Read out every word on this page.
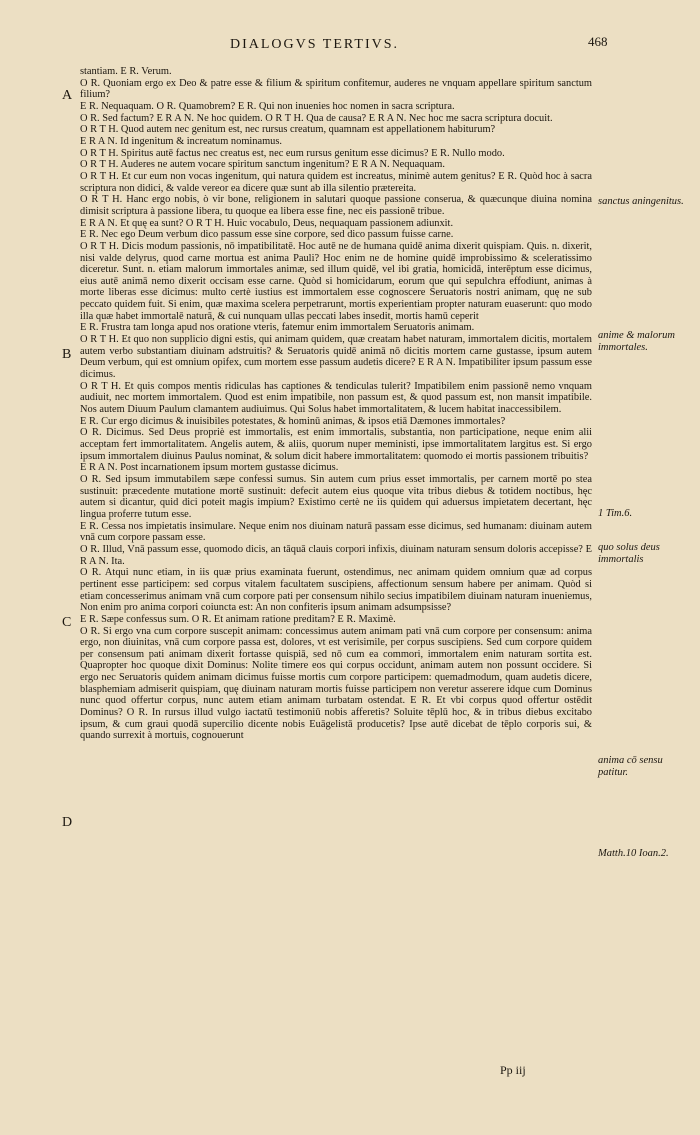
DIALOGVS TERTIVS.	468
A
B
C
D
sanctus aningenitus.
anime & malorum immortales.
1 Tim.6.
quo solus deus immortalis
anima cō sensu patitur.
Matth.10 Ioan.2.

stantiam. E R. Verum.

O R. Quoniam ergo ex Deo & patre esse & filium & spiritum confitemur, auderes ne vnquam appellare spiritum sanctum filium?

E R. Nequaquam. O R. Quamobrem? E R. Qui non inuenies hoc nomen in sacra scriptura.

O R. Sed factum? E R A N. Ne hoc quidem. O R T H. Qua de causa? E R A N. Nec hoc me sacra scriptura docuit.

O R T H. Quod autem nec genitum est, nec rursus creatum, quamnam est appellationem habiturum?

E R A N. Id ingenitum & increatum nominamus.

O R T H. Spiritus autē factus nec creatus est, nec eum rursus genitum esse dicimus? E R. Nullo modo.

O R T H. Auderes ne autem vocare spiritum sanctum ingenitum? E R A N. Nequaquam.

O R T H. Et cur eum non vocas ingenitum, qui natura quidem est increatus, minimè autem genitus? E R. Quòd hoc à sacra scriptura non didici, & valde vereor ea dicere quæ sunt ab illa silentio prætereita.

O R T H. Hanc ergo nobis, ò vir bone, religionem in salutari quoque passione conserua, & quæcunque diuina nomina dimisit scriptura à passione libera, tu quoque ea libera esse fine, nec eis passionē tribue.

E R A N. Et quę ea sunt? O R T H. Huic vocabulo, Deus, nequaquam passionem adiunxit.

E R. Nec ego Deum verbum dico passum esse sine corpore, sed dico passum fuisse carne.

O R T H. Dicis modum passionis, nō impatibilitatē. Hoc autē ne de humana quidē anima dixerit quispiam. Quis. n. dixerit, nisi valde delyrus, quod carne mortua est anima Pauli? Hoc enim ne de homine quidē improbissimo & sceleratissimo diceretur. Sunt. n. etiam malorum immortales animæ, sed illum quidē, vel ibi gratia, homicidā, interēptum esse dicimus, eius autē animā nemo dixerit occisam esse carne. Quòd si homicidarum, eorum que qui sepulchra effodiunt, animas à morte liberas esse dicimus: multo certè iustius est immortalem esse cognoscere Seruatoris nostri animam, quę ne sub peccato quidem fuit. Si enim, quæ maxima scelera perpetrarunt, mortis experientiam propter naturam euaserunt: quo modo illa quæ habet immortalē naturā, & cui nunquam ullas peccati labes insedit, mortis hamū ceperit

E R. Frustra tam longa apud nos oratione vteris, fatemur enim immortalem Seruatoris animam.

O R T H. Et quo non supplicio digni estis, qui animam quidem, quæ creatam habet naturam, immortalem dicitis, mortalem autem verbo substantiam diuinam adstruitis? & Seruatoris quidē animā nō dicitis mortem carne gustasse, ipsum autem Deum verbum, qui est omnium opifex, cum mortem esse passum audetis dicere? E R A N. Impatibiliter ipsum passum esse dicimus.

O R T H. Et quis compos mentis ridiculas has captiones & tendiculas tulerit? Impatibilem enim passionē nemo vnquam audiuit, nec mortem immortalem. Quod est enim impatibile, non passum est, & quod passum est, non mansit impatibile. Nos autem Diuum Paulum clamantem audiuimus. Qui Solus habet immortalitatem, & lucem habitat inaccessibilem.

E R. Cur ergo dicimus & inuisibiles potestates, & hominū animas, & ipsos etiā Dæmones immortales?

O R. Dicimus. Sed Deus propriè est immortalis, est enim immortalis, substantia, non participatione, neque enim alii acceptam fert immortalitatem. Angelis autem, & aliis, quorum nuper meministi, ipse immortalitatem largitus est. Si ergo ipsum immortalem diuinus Paulus nominat, & solum dicit habere immortalitatem: quomodo ei mortis passionem tribuitis?

E R A N. Post incarnationem ipsum mortem gustasse dicimus.

O R. Sed ipsum immutabilem sæpe confessi sumus. Sin autem cum prius esset immortalis, per carnem mortē po stea sustinuit: præcedente mutatione mortē sustinuit: defecit autem eius quoque vita tribus diebus & totidem noctibus, hęc autem si dicantur, quid dici poteit magis impium? Existimo certè ne iis quidem qui aduersus impietatem decertant, hęc lingua proferre tutum esse.

E R. Cessa nos impietatis insimulare. Neque enim nos diuinam naturā passam esse dicimus, sed humanam: diuinam autem vnā cum corpore passam esse.

O R. Illud, Vnā passum esse, quomodo dicis, an tāquā clauis corpori infixis, diuinam naturam sensum doloris accepisse? E R A N. Ita.

O R. Atqui nunc etiam, in iis quæ prius examinata fuerunt, ostendimus, nec animam quidem omnium quæ ad corpus pertinent esse participem: sed corpus vitalem facultatem suscipiens, affectionum sensum habere per animam. Quòd si etiam concesserimus animam vnā cum corpore pati per consensum nihilo secius impatibilem diuinam naturam inueniemus, Non enim pro anima corpori coiuncta est: An non confiteris ipsum animam adsumpsisse?

E R. Sæpe confessus sum. O R. Et animam ratione preditam? E R. Maximè.

O R. Si ergo vna cum corpore suscepit animam: concessimus autem animam pati vnā cum corpore per consensum: anima ergo, non diuinitas, vnā cum corpore passa est, dolores, vt est verisimile, per corpus suscipiens. Sed cum corpore quidem per consensum pati animam dixerit fortasse quispiā, sed nō cum ea commori, immortalem enim naturam sortita est. Quapropter hoc quoque dixit Dominus: Nolite timere eos qui corpus occidunt, animam autem non possunt occidere. Si ergo nec Seruatoris quidem animam dicimus fuisse mortis cum corpore participem: quemadmodum, quam audetis dicere, blasphemiam admiserit quispiam, quę diuinam naturam mortis fuisse participem non veretur asserere idque cum Dominus nunc quod offertur corpus, nunc autem etiam animam turbatam ostendat. E R. Et vbi corpus quod offertur ostēdit Dominus? O R. In rursus illud vulgo iactatū testimoniū nobis afferetis? Soluite tēplū hoc, & in tribus diebus excitabo ipsum, & cum graui quodā supercilio dicente nobis Euāgelistā producetis? Ipse autē dicebat de tēplo corporis sui, & quando surrexit à mortuis, cognouerunt

Pp iij
